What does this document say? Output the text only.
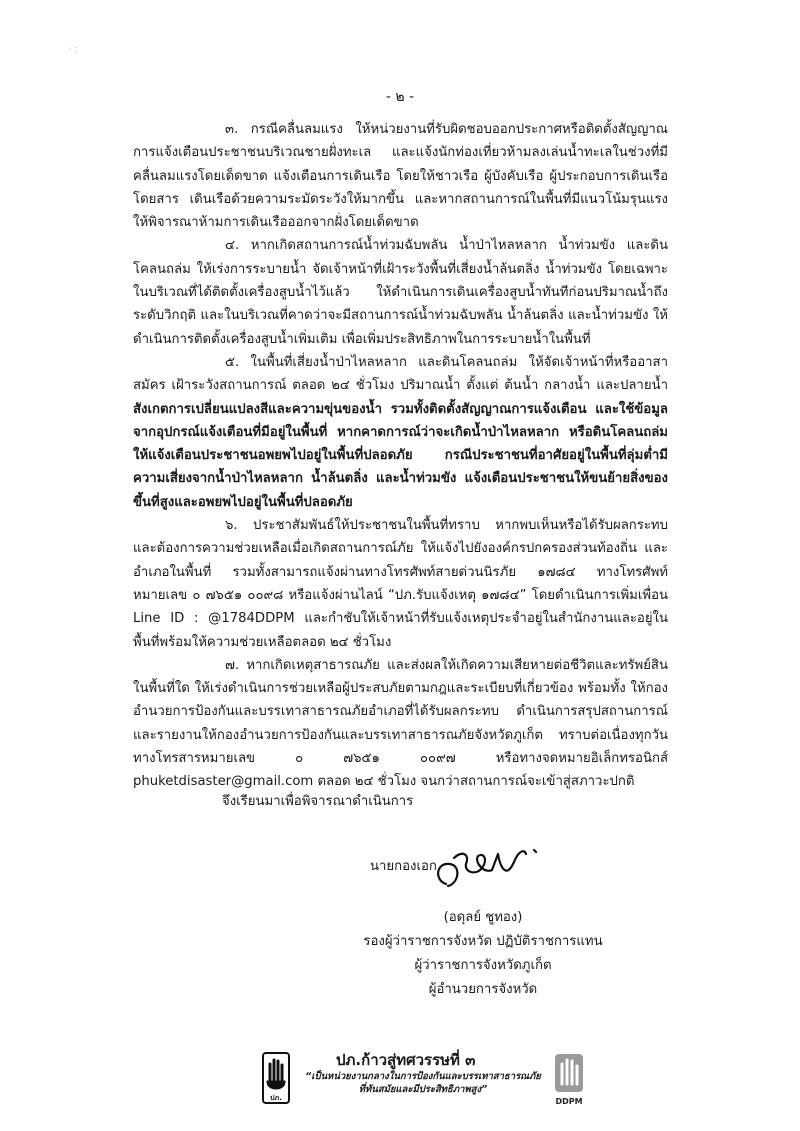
· :
- ๒ -

๓. กรณีคลื่นลมแรง ให้หน่วยงานที่รับผิดชอบออกประกาศหรือติดตั้งสัญญาณการแจ้งเตือนประชาชนบริเวณชายฝั่งทะเล และแจ้งนักท่องเที่ยวห้ามลงเล่นน้ำทะเลในช่วงที่มีคลื่นลมแรงโดยเด็ดขาด แจ้งเตือนการเดินเรือ โดยให้ชาวเรือ ผู้บังคับเรือ ผู้ประกอบการเดินเรือโดยสาร เดินเรือด้วยความระมัดระวังให้มากขึ้น และหากสถานการณ์ในพื้นที่มีแนวโน้มรุนแรง ให้พิจารณาห้ามการเดินเรือออกจากฝั่งโดยเด็ดขาด

๔. หากเกิดสถานการณ์น้ำท่วมฉับพลัน น้ำป่าไหลหลาก น้ำท่วมขัง และดินโคลนถล่ม ให้เร่งการระบายน้ำ จัดเจ้าหน้าที่เฝ้าระวังพื้นที่เสี่ยงน้ำล้นตลิ่ง น้ำท่วมขัง โดยเฉพาะในบริเวณที่ได้ติดตั้งเครื่องสูบน้ำไว้แล้ว ให้ดำเนินการเดินเครื่องสูบน้ำทันทีก่อนปริมาณน้ำถึงระดับวิกฤติ และในบริเวณที่คาดว่าจะมีสถานการณ์น้ำท่วมฉับพลัน น้ำล้นตลิ่ง และน้ำท่วมขัง ให้ดำเนินการติดตั้งเครื่องสูบน้ำเพิ่มเติม เพื่อเพิ่มประสิทธิภาพในการระบายน้ำในพื้นที่

๕. ในพื้นที่เสี่ยงน้ำป่าไหลหลาก และดินโคลนถล่ม ให้จัดเจ้าหน้าที่หรืออาสาสมัคร เฝ้าระวังสถานการณ์ ตลอด ๒๔ ชั่วโมง ปริมาณน้ำ ตั้งแต่ ต้นน้ำ กลางน้ำ และปลายน้ำ สังเกตการเปลี่ยนแปลงสีและความขุ่นของน้ำ รวมทั้งติดตั้งสัญญาณการแจ้งเตือน และใช้ข้อมูลจากอุปกรณ์แจ้งเตือนที่มีอยู่ในพื้นที่ หากคาดการณ์ว่าจะเกิดน้ำป่าไหลหลาก หรือดินโคลนถล่ม ให้แจ้งเตือนประชาชนอพยพไปอยู่ในพื้นที่ปลอดภัย กรณีประชาชนที่อาศัยอยู่ในพื้นที่ลุ่มต่ำมีความเสี่ยงจากน้ำป่าไหลหลาก น้ำล้นตลิ่ง และน้ำท่วมขัง แจ้งเตือนประชาชนให้ขนย้ายสิ่งของขึ้นที่สูงและอพยพไปอยู่ในพื้นที่ปลอดภัย

๖. ประชาสัมพันธ์ให้ประชาชนในพื้นที่ทราบ หากพบเห็นหรือได้รับผลกระทบ และต้องการความช่วยเหลือเมื่อเกิดสถานการณ์ภัย ให้แจ้งไปยังองค์กรปกครองส่วนท้องถิ่น และอำเภอในพื้นที่ รวมทั้งสามารถแจ้งผ่านทางโทรศัพท์สายด่วนนิรภัย ๑๗๘๔ ทางโทรศัพท์หมายเลข ๐ ๗๖๕๑ ๐๐๙๘ หรือแจ้งผ่านไลน์ “ปภ.รับแจ้งเหตุ ๑๗๘๔” โดยดำเนินการเพิ่มเพื่อน Line ID : @1784DDPM และกำชับให้เจ้าหน้าที่รับแจ้งเหตุประจำอยู่ในสำนักงานและอยู่ในพื้นที่พร้อมให้ความช่วยเหลือตลอด ๒๔ ชั่วโมง

๗. หากเกิดเหตุสาธารณภัย และส่งผลให้เกิดความเสียหายต่อชีวิตและทรัพย์สินในพื้นที่ใด ให้เร่งดำเนินการช่วยเหลือผู้ประสบภัยตามกฎและระเบียบที่เกี่ยวข้อง พร้อมทั้ง ให้กองอำนวยการป้องกันและบรรเทาสาธารณภัยอำเภอที่ได้รับผลกระทบ ดำเนินการสรุปสถานการณ์และรายงานให้กองอำนวยการป้องกันและบรรเทาสาธารณภัยจังหวัดภูเก็ต ทราบต่อเนื่องทุกวัน ทางโทรสารหมายเลข ๐ ๗๖๕๑ ๐๐๙๗ หรือทางจดหมายอิเล็กทรอนิกส์ phuketdisaster@gmail.com ตลอด ๒๔ ชั่วโมง จนกว่าสถานการณ์จะเข้าสู่สภาวะปกติ

จึงเรียนมาเพื่อพิจารณาดำเนินการ
นายกองเอก
(อดุลย์ ชูทอง)
รองผู้ว่าราชการจังหวัด ปฏิบัติราชการแทน
ผู้ว่าราชการจังหวัดภูเก็ต
ผู้อำนวยการจังหวัด
ปภ.
ปภ.ก้าวสู่ทศวรรษที่ ๓
“เป็นหน่วยงานกลางในการป้องกันและบรรเทาสาธารณภัย
ที่ทันสมัยและมีประสิทธิภาพสูง”
DDPM
